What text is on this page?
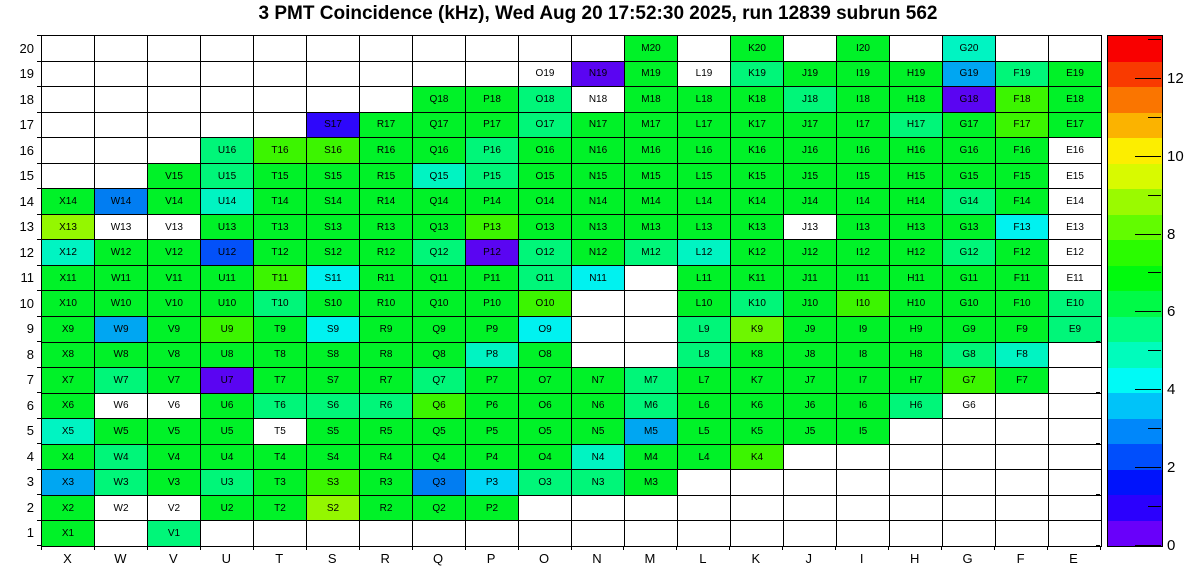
3 PMT Coincidence (kHz), Wed Aug 20 17:52:30 2025, run 12839 subrun 562
20
19
18
17
16
15
14
13
12
11
10
9
8
7
6
5
4
3
2
1
M20	K20	I20	G20
O19	N19	M19	L19	K19	J19	I19	H19	G19	F19	E19
Q18	P18	O18	N18	M18	L18	K18	J18	I18	H18	G18	F18	E18
S17	R17	Q17	P17	O17	N17	M17	L17	K17	J17	I17	H17	G17	F17	E17
U16	T16	S16	R16	Q16	P16	O16	N16	M16	L16	K16	J16	I16	H16	G16	F16	E16
V15	U15	T15	S15	R15	Q15	P15	O15	N15	M15	L15	K15	J15	I15	H15	G15	F15	E15
X14	W14	V14	U14	T14	S14	R14	Q14	P14	O14	N14	M14	L14	K14	J14	I14	H14	G14	F14	E14
X13	W13	V13	U13	T13	S13	R13	Q13	P13	O13	N13	M13	L13	K13	J13	I13	H13	G13	F13	E13
X12	W12	V12	U12	T12	S12	R12	Q12	P12	O12	N12	M12	L12	K12	J12	I12	H12	G12	F12	E12
X11	W11	V11	U11	T11	S11	R11	Q11	P11	O11	N11	L11	K11	J11	I11	H11	G11	F11	E11
X10	W10	V10	U10	T10	S10	R10	Q10	P10	O10	L10	K10	J10	I10	H10	G10	F10	E10
X9	W9	V9	U9	T9	S9	R9	Q9	P9	O9	L9	K9	J9	I9	H9	G9	F9	E9
X8	W8	V8	U8	T8	S8	R8	Q8	P8	O8	L8	K8	J8	I8	H8	G8	F8
X7	W7	V7	U7	T7	S7	R7	Q7	P7	O7	N7	M7	L7	K7	J7	I7	H7	G7	F7
X6	W6	V6	U6	T6	S6	R6	Q6	P6	O6	N6	M6	L6	K6	J6	I6	H6	G6
X5	W5	V5	U5	T5	S5	R5	Q5	P5	O5	N5	M5	L5	K5	J5	I5
X4	W4	V4	U4	T4	S4	R4	Q4	P4	O4	N4	M4	L4	K4
X3	W3	V3	U3	T3	S3	R3	Q3	P3	O3	N3	M3
X2	W2	V2	U2	T2	S2	R2	Q2	P2
X1	V1
X	W	V	U	T	S	R	Q	P	O	N	M	L	K	J	I	H	G	F	E
0
2
4
6
8
10
12
